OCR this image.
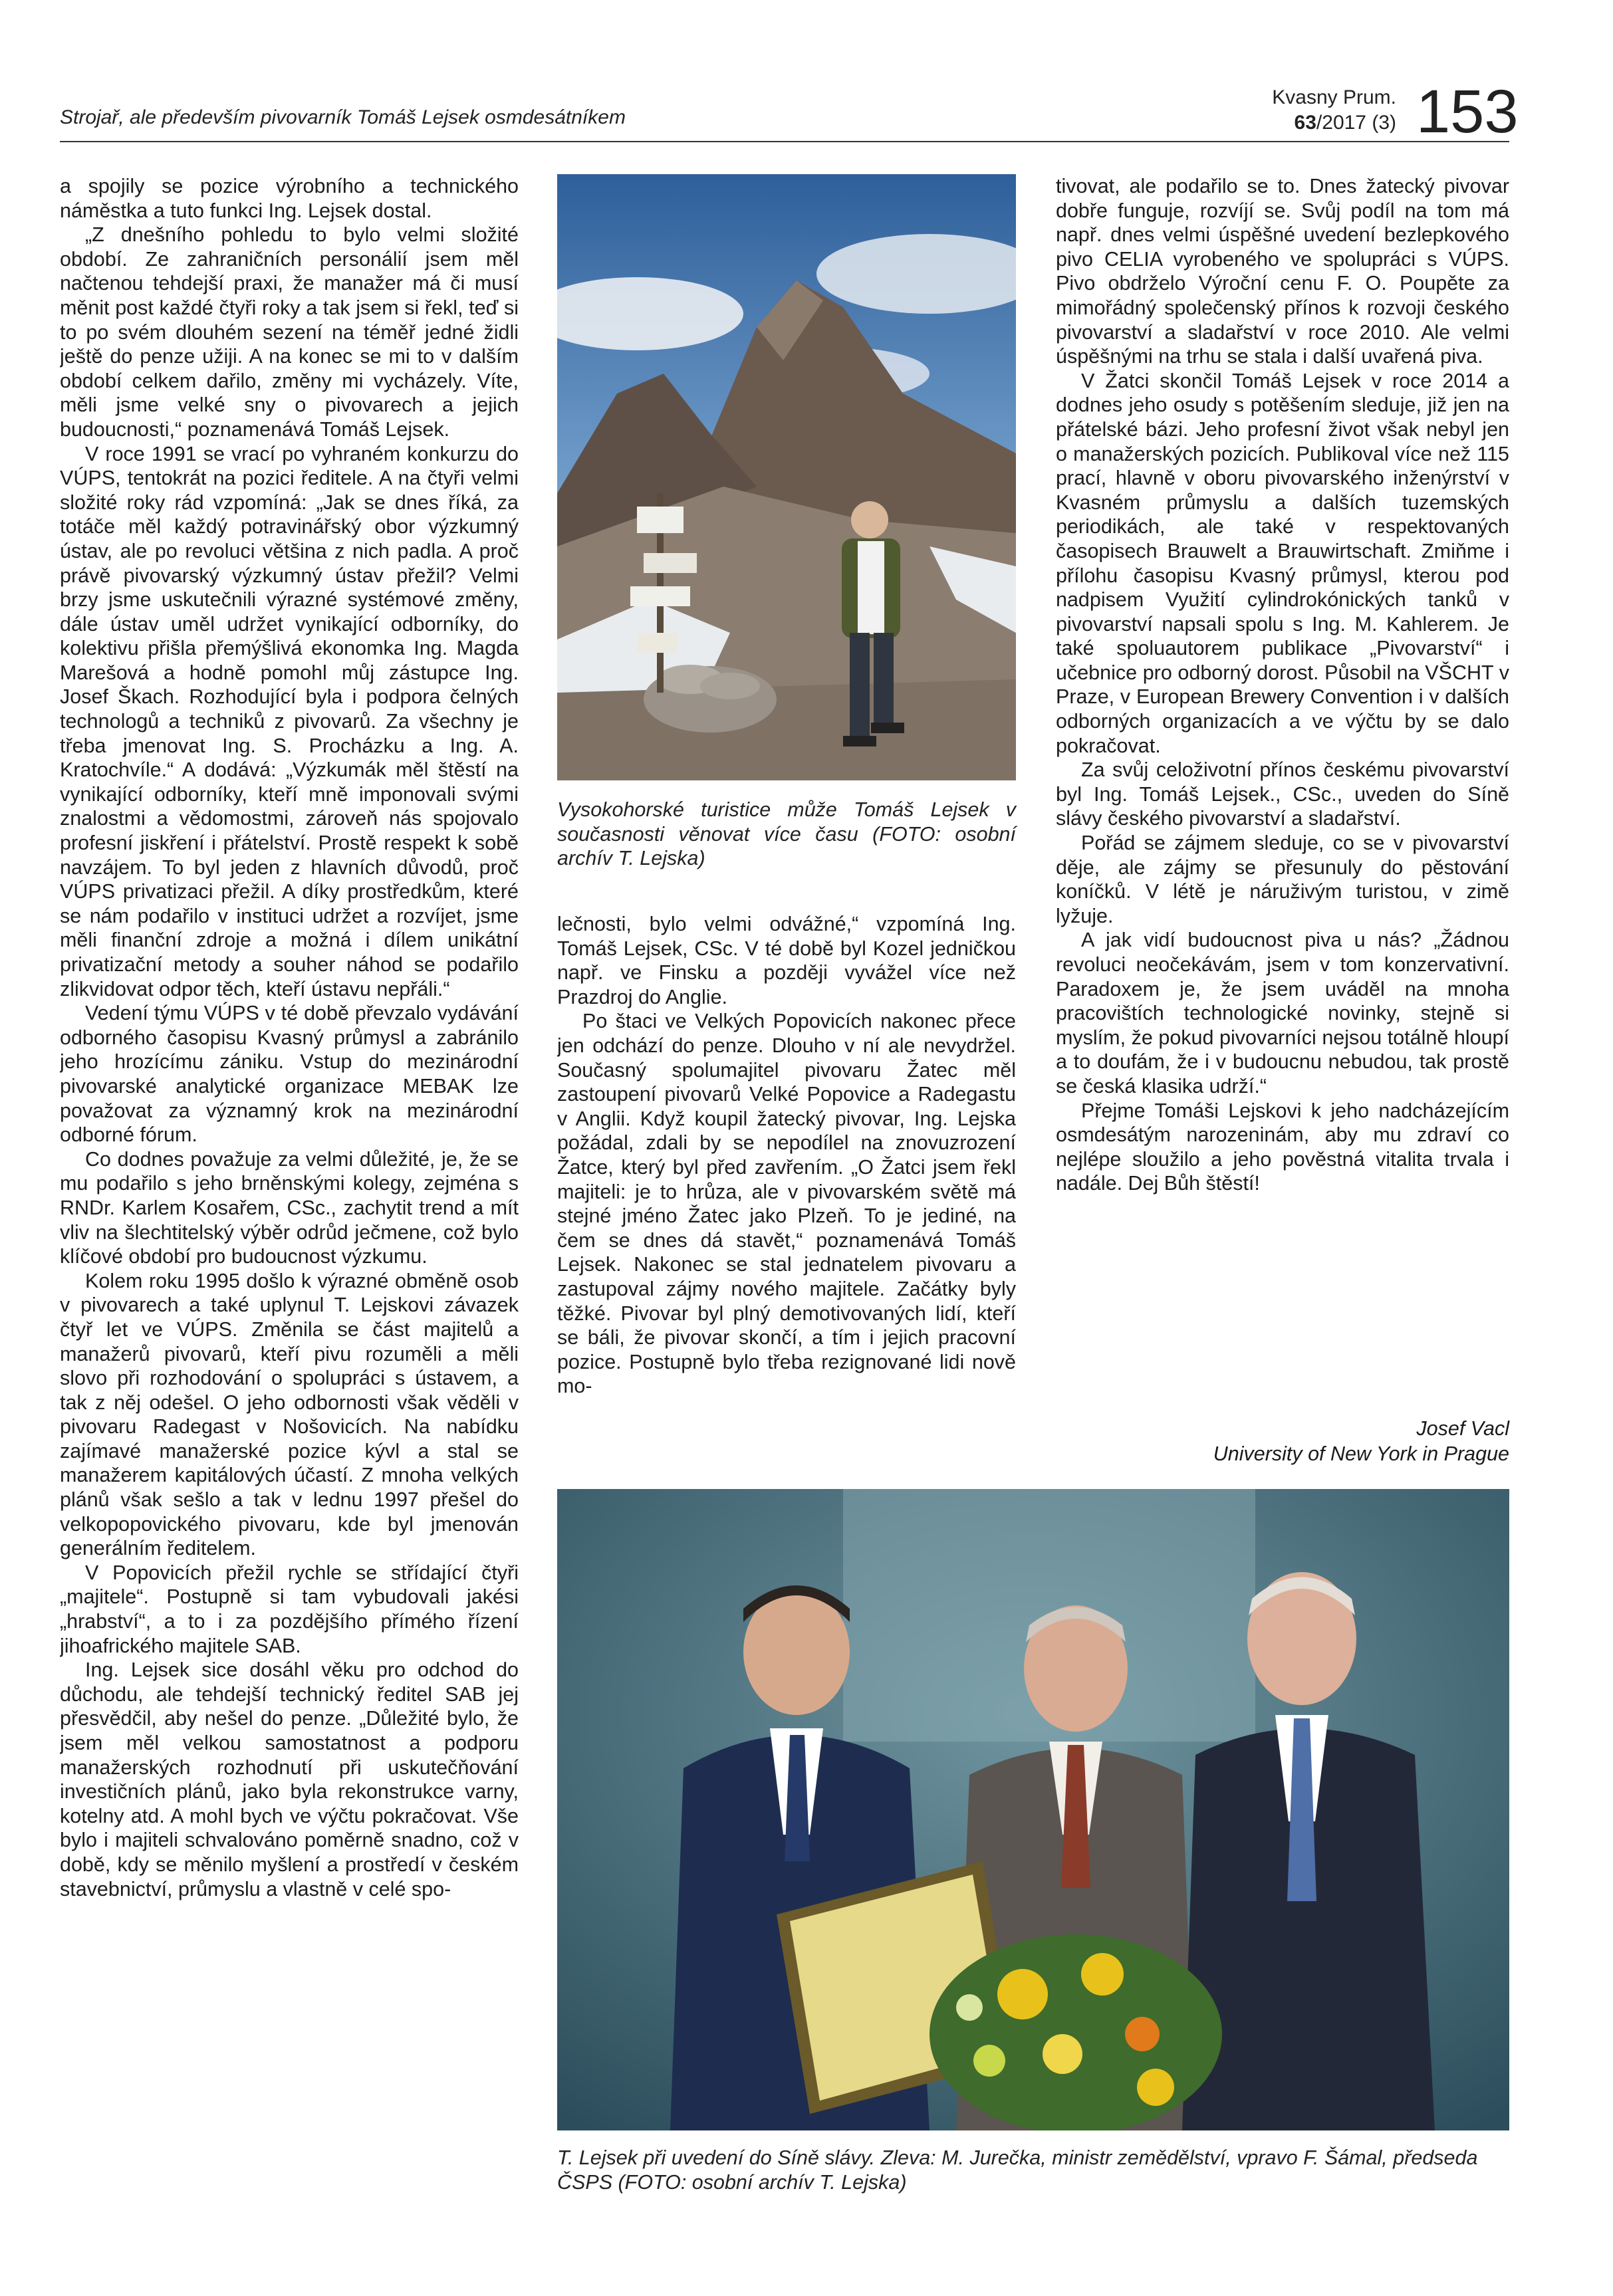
Strojař, ale především pivovarník Tomáš Lejsek osmdesátníkem
Kvasny Prum.
63/2017 (3) 153

a spojily se pozice výrobního a technického náměstka a tuto funkci Ing. Lejsek dostal.

„Z dnešního pohledu to bylo velmi složité období. Ze zahraničních personálií jsem měl načtenou tehdejší praxi, že manažer má či musí měnit post každé čtyři roky a tak jsem si řekl, teď si to po svém dlouhém sezení na téměř jedné židli ještě do penze užiji. A na konec se mi to v dalším období celkem dařilo, změny mi vycházely. Víte, měli jsme velké sny o pivovarech a jejich budoucnosti,“ poznamenává Tomáš Lejsek.

V roce 1991 se vrací po vyhraném konkurzu do VÚPS, tentokrát na pozici ředitele. A na čtyři velmi složité roky rád vzpomíná: „Jak se dnes říká, za totáče měl každý potravinářský obor výzkumný ústav, ale po revoluci většina z nich padla. A proč právě pivovarský výzkumný ústav přežil? Velmi brzy jsme uskutečnili výrazné systémové změny, dále ústav uměl udržet vynikající odborníky, do kolektivu přišla přemýšlivá ekonomka Ing. Magda Marešová a hodně pomohl můj zástupce Ing. Josef Škach. Rozhodující byla i podpora čelných technologů a techniků z pivovarů. Za všechny je třeba jmenovat Ing. S. Procházku a Ing. A. Kratochvíle.“ A dodává: „Výzkumák měl štěstí na vynikající odborníky, kteří mně imponovali svými znalostmi a vědomostmi, zároveň nás spojovalo profesní jiskření i přátelství. Prostě respekt k sobě navzájem. To byl jeden z hlavních důvodů, proč VÚPS privatizaci přežil. A díky prostředkům, které se nám podařilo v instituci udržet a rozvíjet, jsme měli finanční zdroje a možná i dílem unikátní privatizační metody a souher náhod se podařilo zlikvidovat odpor těch, kteří ústavu nepřáli.“

Vedení týmu VÚPS v té době převzalo vydávání odborného časopisu Kvasný průmysl a zabránilo jeho hrozícímu zániku. Vstup do mezinárodní pivovarské analytické organizace MEBAK lze považovat za významný krok na mezinárodní odborné fórum.

Co dodnes považuje za velmi důležité, je, že se mu podařilo s jeho brněnskými kolegy, zejména s RNDr. Karlem Kosařem, CSc., zachytit trend a mít vliv na šlechtitelský výběr odrůd ječmene, což bylo klíčové období pro budoucnost výzkumu.

Kolem roku 1995 došlo k výrazné obměně osob v pivovarech a také uplynul T. Lejskovi závazek čtyř let ve VÚPS. Změnila se část majitelů a manažerů pivovarů, kteří pivu rozuměli a měli slovo při rozhodování o spolupráci s ústavem, a tak z něj odešel. O jeho odbornosti však věděli v pivovaru Radegast v Nošovicích. Na nabídku zajímavé manažerské pozice kývl a stal se manažerem kapitálových účastí. Z mnoha velkých plánů však sešlo a tak v lednu 1997 přešel do velkopopovického pivovaru, kde byl jmenován generálním ředitelem.

V Popovicích přežil rychle se střídající čtyři „majitele“. Postupně si tam vybudovali jakési „hrabství“, a to i za pozdějšího přímého řízení jihoafrického majitele SAB.

Ing. Lejsek sice dosáhl věku pro odchod do důchodu, ale tehdejší technický ředitel SAB jej přesvědčil, aby nešel do penze. „Důležité bylo, že jsem měl velkou samostatnost a podporu manažerských rozhodnutí při uskutečňování investičních plánů, jako byla rekonstrukce varny, kotelny atd. A mohl bych ve výčtu pokračovat. Vše bylo i majiteli schvalováno poměrně snadno, což v době, kdy se měnilo myšlení a prostředí v českém stavebnictví, průmyslu a vlastně v celé spo-

Vysokohorské turistice může Tomáš Lejsek v současnosti věnovat více času (FOTO: osobní archív T. Lejska)

lečnosti, bylo velmi odvážné,“ vzpomíná Ing. Tomáš Lejsek, CSc. V té době byl Kozel jedničkou např. ve Finsku a později vyvážel více než Prazdroj do Anglie.

Po štaci ve Velkých Popovicích nakonec přece jen odchází do penze. Dlouho v ní ale nevydržel. Současný spolumajitel pivovaru Žatec měl zastoupení pivovarů Velké Popovice a Radegastu v Anglii. Když koupil žatecký pivovar, Ing. Lejska požádal, zdali by se nepodílel na znovuzrození Žatce, který byl před zavřením. „O Žatci jsem řekl majiteli: je to hrůza, ale v pivovarském světě má stejné jméno Žatec jako Plzeň. To je jediné, na čem se dnes dá stavět,“ poznamenává Tomáš Lejsek. Nakonec se stal jednatelem pivovaru a zastupoval zájmy nového majitele. Začátky byly těžké. Pivovar byl plný demotivovaných lidí, kteří se báli, že pivovar skončí, a tím i jejich pracovní pozice. Postupně bylo třeba rezignované lidi nově mo-

tivovat, ale podařilo se to. Dnes žatecký pivovar dobře funguje, rozvíjí se. Svůj podíl na tom má např. dnes velmi úspěšné uvedení bezlepkového pivo CELIA vyrobeného ve spolupráci s VÚPS. Pivo obdrželo Výroční cenu F. O. Poupěte za mimořádný společenský přínos k rozvoji českého pivovarství a sladařství v roce 2010. Ale velmi úspěšnými na trhu se stala i další uvařená piva.

V Žatci skončil Tomáš Lejsek v roce 2014 a dodnes jeho osudy s potěšením sleduje, již jen na přátelské bázi. Jeho profesní život však nebyl jen o manažerských pozicích. Publikoval více než 115 prací, hlavně v oboru pivovarského inženýrství v Kvasném průmyslu a dalších tuzemských periodikách, ale také v respektovaných časopisech Brauwelt a Brauwirtschaft. Zmiňme i přílohu časopisu Kvasný průmysl, kterou pod nadpisem Využití cylindrokónických tanků v pivovarství napsali spolu s Ing. M. Kahlerem. Je také spoluautorem publikace „Pivovarství“ i učebnice pro odborný dorost. Působil na VŠCHT v Praze, v European Brewery Convention i v dalších odborných organizacích a ve výčtu by se dalo pokračovat.

Za svůj celoživotní přínos českému pivovarství byl Ing. Tomáš Lejsek., CSc., uveden do Síně slávy českého pivovarství a sladařství.

Pořád se zájmem sleduje, co se v pivovarství děje, ale zájmy se přesunuly do pěstování koníčků. V létě je náruživým turistou, v zimě lyžuje.

A jak vidí budoucnost piva u nás? „Žádnou revoluci neočekávám, jsem v tom konzervativní. Paradoxem je, že jsem uváděl na mnoha pracovištích technologické novinky, stejně si myslím, že pokud pivovarníci nejsou totálně hloupí a to doufám, že i v budoucnu nebudou, tak prostě se česká klasika udrží.“

Přejme Tomáši Lejskovi k jeho nadcházejícím osmdesátým narozeninám, aby mu zdraví co nejlépe sloužilo a jeho pověstná vitalita trvala i nadále. Dej Bůh štěstí!

Josef Vacl
University of New York in Prague
T. Lejsek při uvedení do Síně slávy. Zleva: M. Jurečka, ministr zemědělství, vpravo F. Šámal, předseda ČSPS (FOTO: osobní archív T. Lejska)
